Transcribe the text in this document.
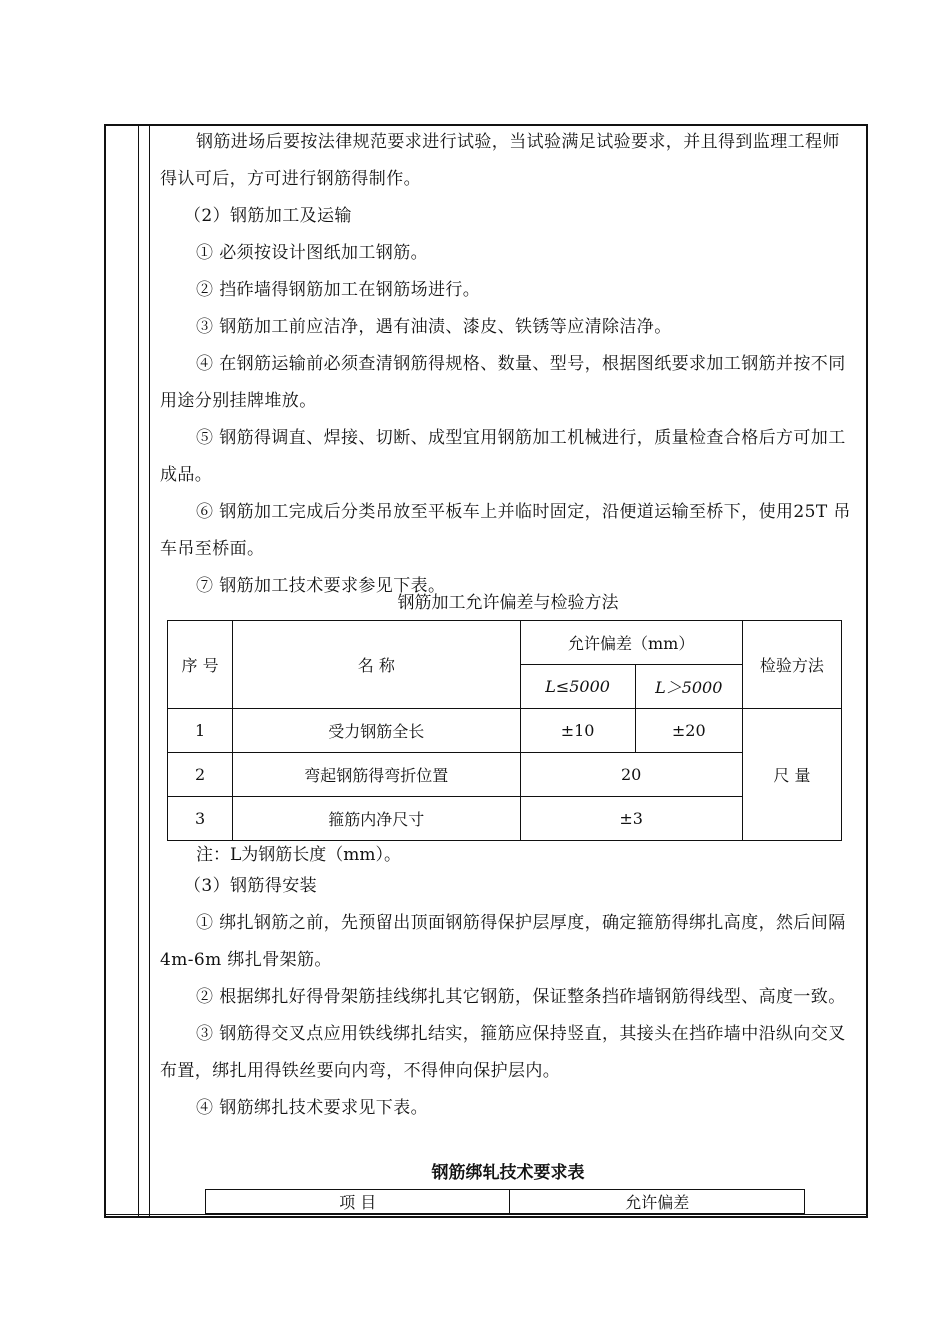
钢筋进场后要按法律规范要求进行试验，当试验满足试验要求，并且得到监理工程师得认可后，方可进行钢筋得制作。

（2）钢筋加工及运输

① 必须按设计图纸加工钢筋。

② 挡砟墙得钢筋加工在钢筋场进行。

③ 钢筋加工前应洁净，遇有油渍、漆皮、铁锈等应清除洁净。

④ 在钢筋运输前必须查清钢筋得规格、数量、型号，根据图纸要求加工钢筋并按不同用途分别挂牌堆放。

⑤ 钢筋得调直、焊接、切断、成型宜用钢筋加工机械进行，质量检查合格后方可加工成品。

⑥ 钢筋加工完成后分类吊放至平板车上并临时固定，沿便道运输至桥下，使用25T 吊车吊至桥面。

⑦ 钢筋加工技术要求参见下表。

钢筋加工允许偏差与检验方法
序 号	名 称	允许偏差（mm）		检验方法
		L≤5000	L＞5000	
1	受力钢筋全长	±10	±20	尺 量
2	弯起钢筋得弯折位置	20		
3	箍筋内净尺寸	±3		
注：L为钢筋长度（mm）。

（3）钢筋得安装

① 绑扎钢筋之前，先预留出顶面钢筋得保护层厚度，确定箍筋得绑扎高度，然后间隔 4m-6m 绑扎骨架筋。

② 根据绑扎好得骨架筋挂线绑扎其它钢筋，保证整条挡砟墙钢筋得线型、高度一致。

③ 钢筋得交叉点应用铁线绑扎结实，箍筋应保持竖直，其接头在挡砟墙中沿纵向交叉布置，绑扎用得铁丝要向内弯，不得伸向保护层内。

④ 钢筋绑扎技术要求见下表。

钢筋绑轧技术要求表
项 目	允许偏差
